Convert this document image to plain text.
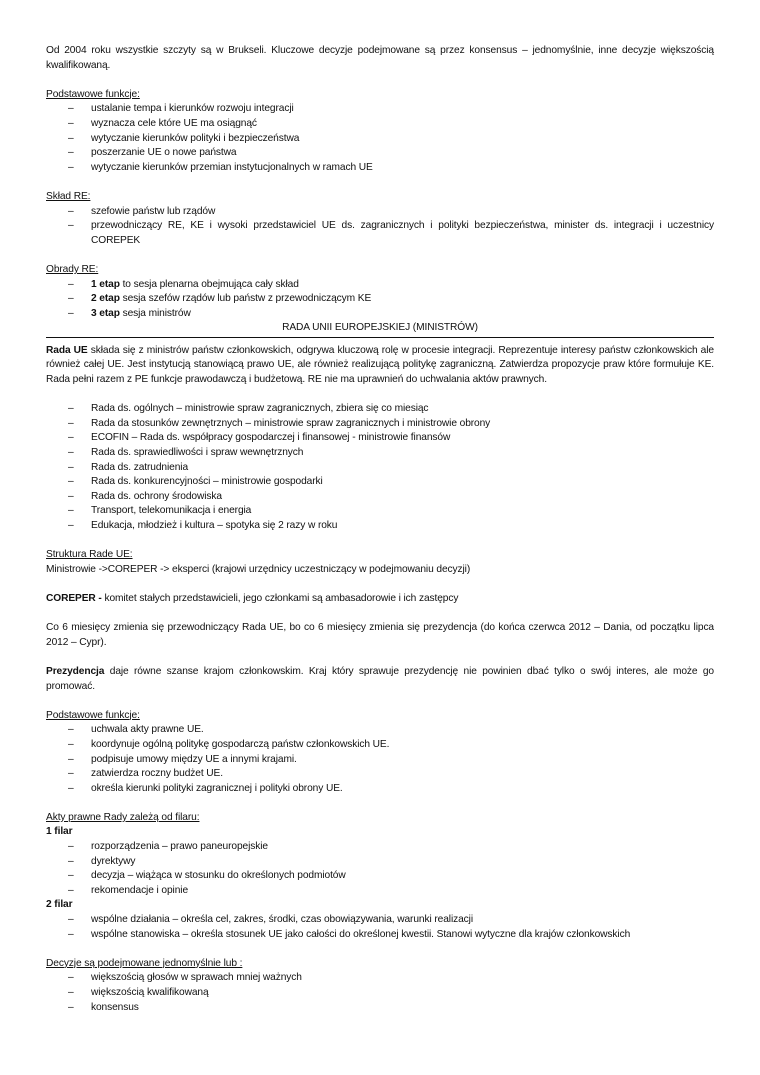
Od 2004 roku wszystkie szczyty są w Brukseli. Kluczowe decyzje podejmowane są przez konsensus – jednomyślnie, inne decyzje większością kwalifikowaną.

Podstawowe funkcje:
– ustalanie tempa i kierunków rozwoju integracji
– wyznacza cele które UE ma osiągnąć
– wytyczanie kierunków polityki i bezpieczeństwa
– poszerzanie UE o nowe państwa
– wytyczanie kierunków przemian instytucjonalnych w ramach UE
Skład RE:
– szefowie państw lub rządów
– przewodniczący RE, KE i wysoki przedstawiciel UE ds. zagranicznych i polityki bezpieczeństwa, minister ds. integracji i uczestnicy COREPEK
Obrady RE:
– 1 etap to sesja plenarna obejmująca cały skład
– 2 etap sesja szefów rządów lub państw z przewodniczącym KE
– 3 etap sesja ministrów
RADA UNII EUROPEJSKIEJ (MINISTRÓW)

Rada UE składa się z ministrów państw członkowskich, odgrywa kluczową rolę w procesie integracji. Reprezentuje interesy państw członkowskich ale również całej UE. Jest instytucją stanowiącą prawo UE, ale również realizującą politykę zagraniczną. Zatwierdza propozycje praw które formułuje KE. Rada pełni razem z PE funkcje prawodawczą i budżetową. RE nie ma uprawnień do uchwalania aktów prawnych.

– Rada ds. ogólnych – ministrowie spraw zagranicznych, zbiera się co miesiąc
– Rada da stosunków zewnętrznych – ministrowie spraw zagranicznych i ministrowie obrony
– ECOFIN – Rada ds. współpracy gospodarczej i finansowej - ministrowie finansów
– Rada ds. sprawiedliwości i spraw wewnętrznych
– Rada ds. zatrudnienia
– Rada ds. konkurencyjności – ministrowie gospodarki
– Rada ds. ochrony środowiska
– Transport, telekomunikacja i energia
– Edukacja, młodzież i kultura – spotyka się 2 razy w roku
Struktura Rade UE:

Ministrowie ->COREPER -> eksperci (krajowi urzędnicy uczestniczący w podejmowaniu decyzji)

COREPER - komitet stałych przedstawicieli, jego członkami są ambasadorowie i ich zastępcy

Co 6 miesięcy zmienia się przewodniczący Rada UE, bo co 6 miesięcy zmienia się prezydencja (do końca czerwca 2012 – Dania, od początku lipca 2012 – Cypr).

Prezydencja daje równe szanse krajom członkowskim. Kraj który sprawuje prezydencję nie powinien dbać tylko o swój interes, ale może go promować.

Podstawowe funkcje:
– uchwala akty prawne UE.
– koordynuje ogólną politykę gospodarczą państw członkowskich UE.
– podpisuje umowy między UE a innymi krajami.
– zatwierdza roczny budżet UE.
– określa kierunki polityki zagranicznej i polityki obrony UE.
Akty prawne Rady zależą od filaru:

1 filar

– rozporządzenia – prawo paneuropejskie
– dyrektywy
– decyzja – wiążąca w stosunku do określonych podmiotów
– rekomendacje i opinie

2 filar

– wspólne działania – określa cel, zakres, środki, czas obowiązywania, warunki realizacji
– wspólne stanowiska – określa stosunek UE jako całości do określonej kwestii. Stanowi wytyczne dla krajów członkowskich
Decyzje są podejmowane jednomyślnie lub :
– większością głosów w sprawach mniej ważnych
– większością kwalifikowaną
– konsensus
